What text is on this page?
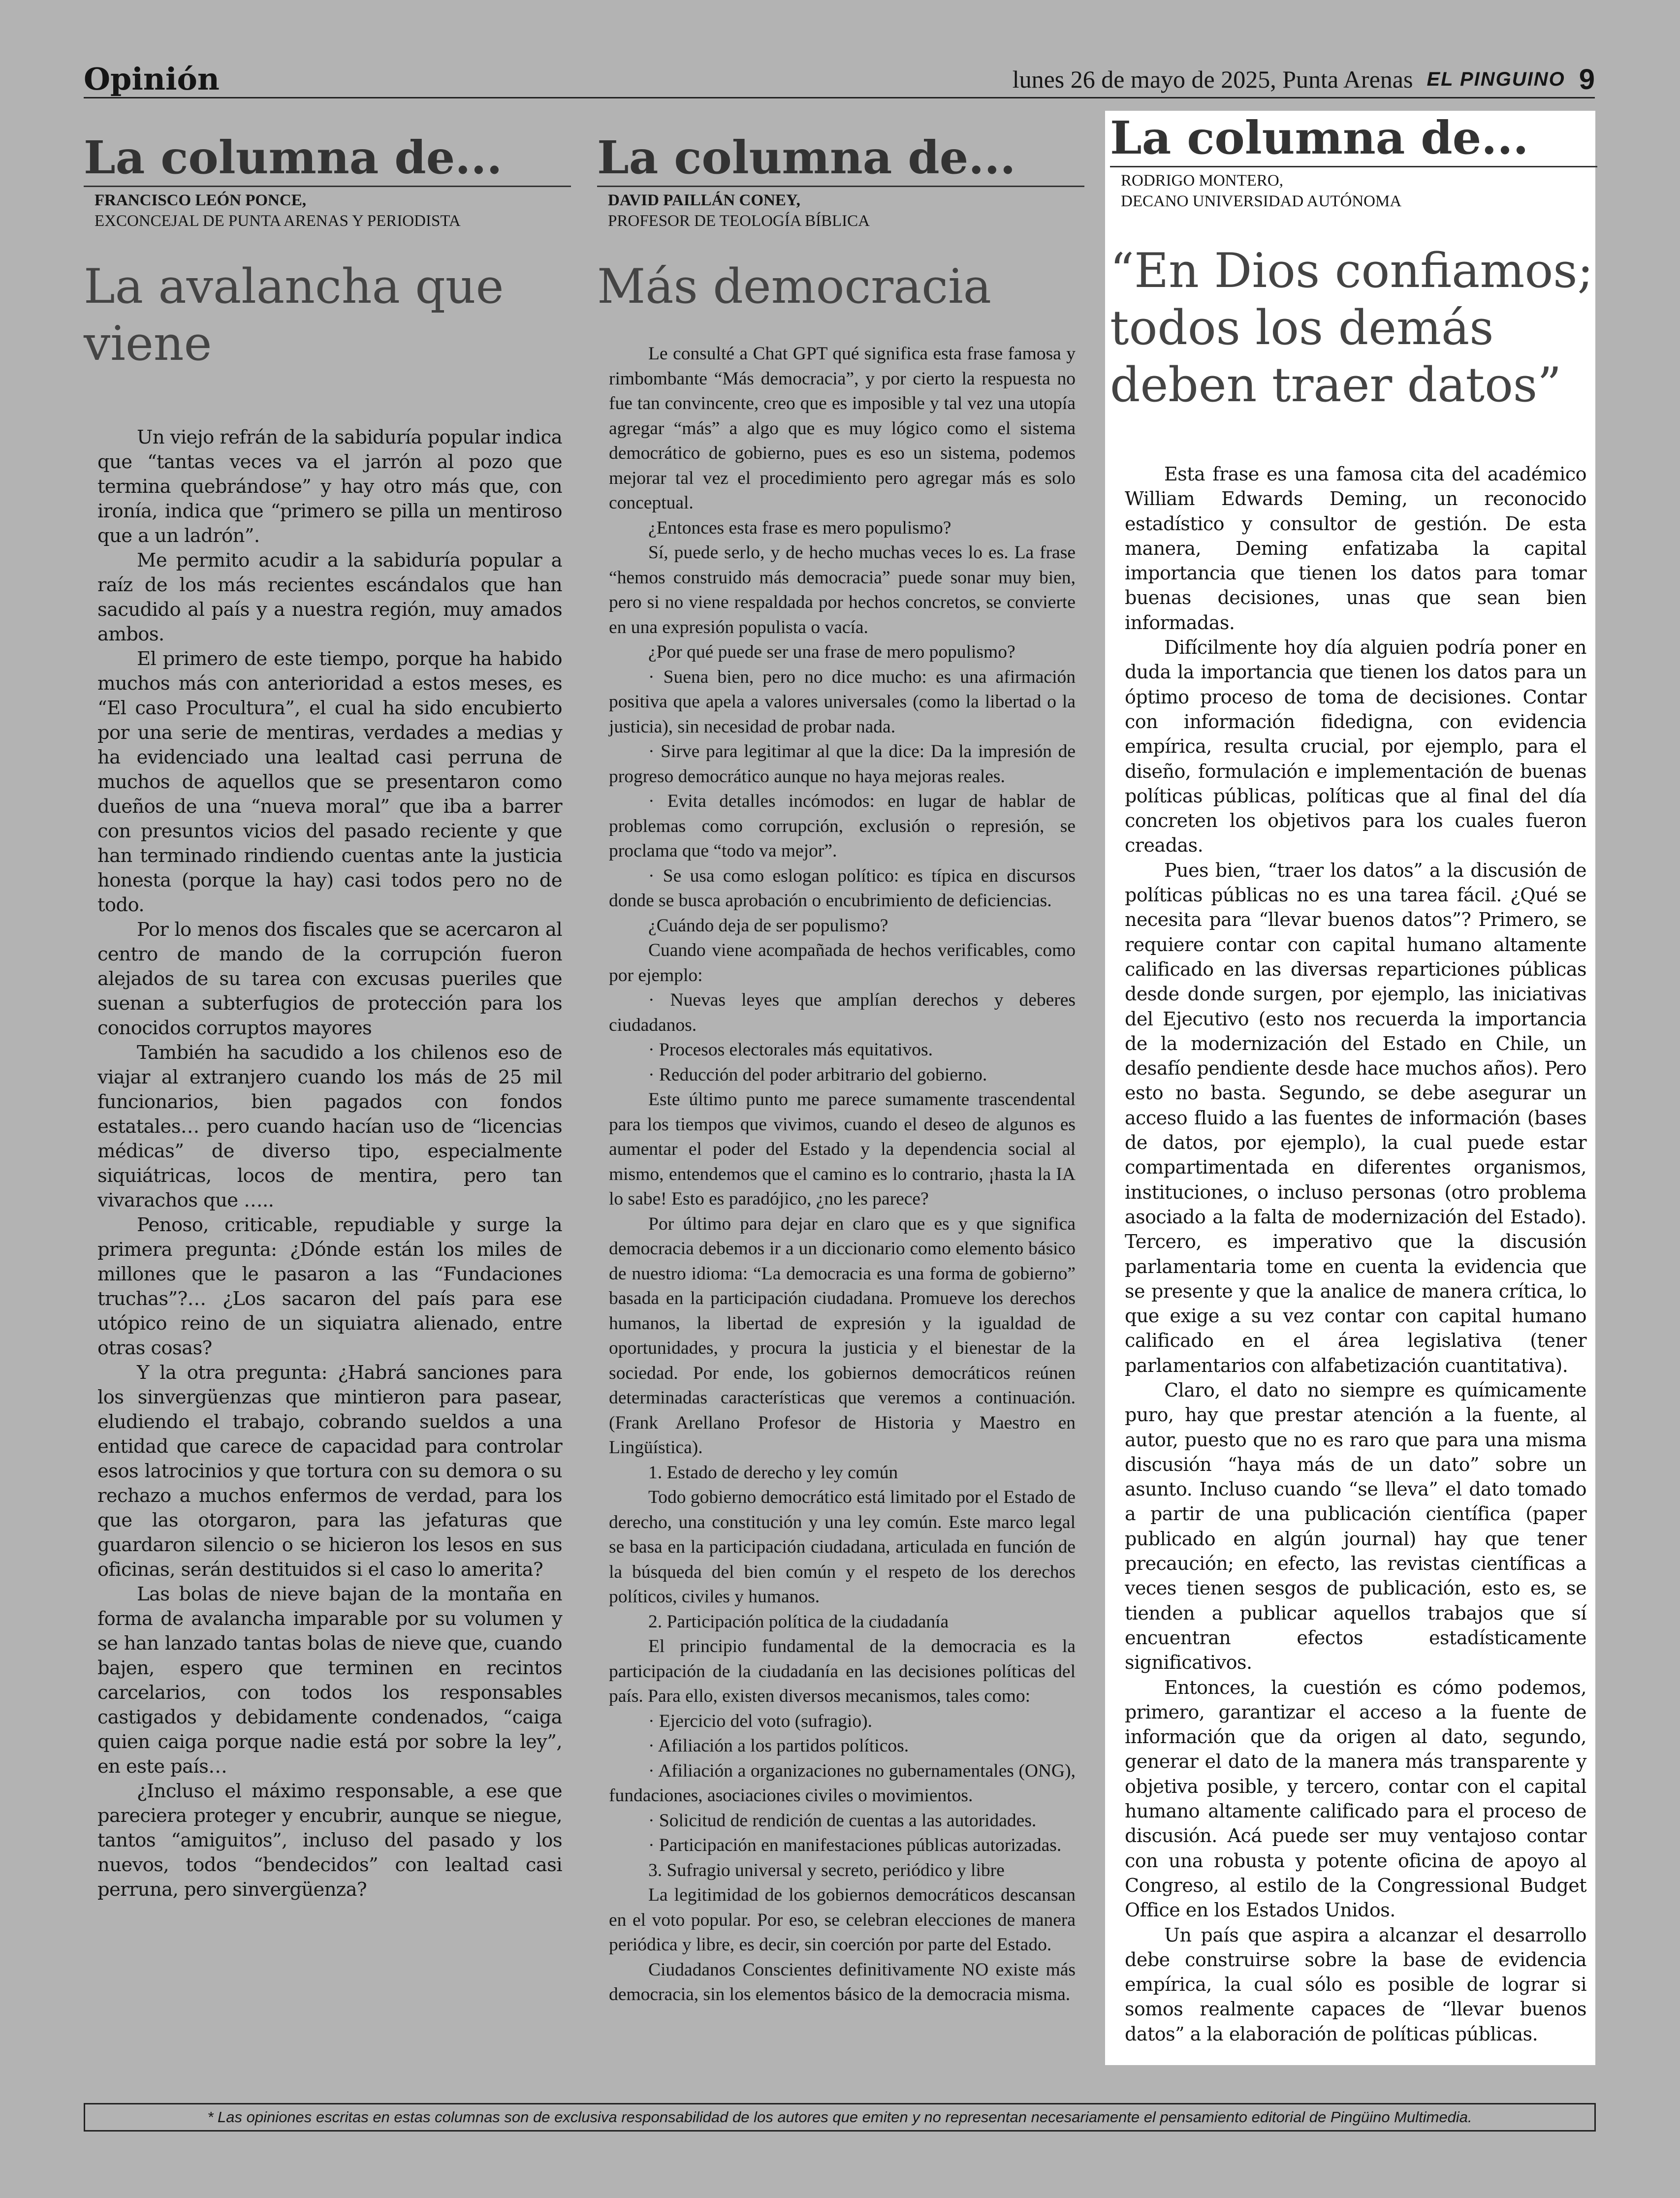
Opinión	lunes 26 de mayo de 2025, Punta Arenas EL PINGUINO 9
La columna de...
FRANCISCO LEÓN PONCE,
EXCONCEJAL DE PUNTA ARENAS Y PERIODISTA
La avalancha que viene

Un viejo refrán de la sabiduría popular indica que “tantas veces va el jarrón al pozo que termina quebrándose” y hay otro más que, con ironía, indica que “primero se pilla un mentiroso que a un ladrón”.

Me permito acudir a la sabiduría popular a raíz de los más recientes escándalos que han sacudido al país y a nuestra región, muy amados ambos.

El primero de este tiempo, porque ha habido muchos más con anterioridad a estos meses, es “El caso Procultura”, el cual ha sido encubierto por una serie de mentiras, verdades a medias y ha evidenciado una lealtad casi perruna de muchos de aquellos que se presentaron como dueños de una “nueva moral” que iba a barrer con presuntos vicios del pasado reciente y que han terminado rindiendo cuentas ante la justicia honesta (porque la hay) casi todos pero no de todo.

Por lo menos dos fiscales que se acercaron al centro de mando de la corrupción fueron alejados de su tarea con excusas pueriles que suenan a subterfugios de protección para los conocidos corruptos mayores

También ha sacudido a los chilenos eso de viajar al extranjero cuando los más de 25 mil funcionarios, bien pagados con fondos estatales… pero cuando hacían uso de “licencias médicas” de diverso tipo, especialmente siquiátricas, locos de mentira, pero tan vivarachos que …..

Penoso, criticable, repudiable y surge la primera pregunta: ¿Dónde están los miles de millones que le pasaron a las “Fundaciones truchas”?… ¿Los sacaron del país para ese utópico reino de un siquiatra alienado, entre otras cosas?

Y la otra pregunta: ¿Habrá sanciones para los sinvergüenzas que mintieron para pasear, eludiendo el trabajo, cobrando sueldos a una entidad que carece de capacidad para controlar esos latrocinios y que tortura con su demora o su rechazo a muchos enfermos de verdad, para los que las otorgaron, para las jefaturas que guardaron silencio o se hicieron los lesos en sus oficinas, serán destituidos si el caso lo amerita?

Las bolas de nieve bajan de la montaña en forma de avalancha imparable por su volumen y se han lanzado tantas bolas de nieve que, cuando bajen, espero que terminen en recintos carcelarios, con todos los responsables castigados y debidamente condenados, “caiga quien caiga porque nadie está por sobre la ley”, en este país…

¿Incluso el máximo responsable, a ese que pareciera proteger y encubrir, aunque se niegue, tantos “amiguitos”, incluso del pasado y los nuevos, todos “bendecidos” con lealtad casi perruna, pero sinvergüenza?

La columna de...
DAVID PAILLÁN CONEY,
PROFESOR DE TEOLOGÍA BÍBLICA
Más democracia

Le consulté a Chat GPT qué significa esta frase famosa y rimbombante “Más democracia”, y por cierto la respuesta no fue tan convincente, creo que es imposible y tal vez una utopía agregar “más” a algo que es muy lógico como el sistema democrático de gobierno, pues es eso un sistema, podemos mejorar tal vez el procedimiento pero agregar más es solo conceptual.

¿Entonces esta frase es mero populismo?

Sí, puede serlo, y de hecho muchas veces lo es. La frase “hemos construido más democracia” puede sonar muy bien, pero si no viene respaldada por hechos concretos, se convierte en una expresión populista o vacía.

¿Por qué puede ser una frase de mero populismo?

· Suena bien, pero no dice mucho: es una afirmación positiva que apela a valores universales (como la libertad o la justicia), sin necesidad de probar nada.

· Sirve para legitimar al que la dice: Da la impresión de progreso democrático aunque no haya mejoras reales.

· Evita detalles incómodos: en lugar de hablar de problemas como corrupción, exclusión o represión, se proclama que “todo va mejor”.

· Se usa como eslogan político: es típica en discursos donde se busca aprobación o encubrimiento de deficiencias.

¿Cuándo deja de ser populismo?

Cuando viene acompañada de hechos verificables, como por ejemplo:

· Nuevas leyes que amplían derechos y deberes ciudadanos.

· Procesos electorales más equitativos.

· Reducción del poder arbitrario del gobierno.

Este último punto me parece sumamente trascendental para los tiempos que vivimos, cuando el deseo de algunos es aumentar el poder del Estado y la dependencia social al mismo, entendemos que el camino es lo contrario, ¡hasta la IA lo sabe! Esto es paradójico, ¿no les parece?

Por último para dejar en claro que es y que significa democracia debemos ir a un diccionario como elemento básico de nuestro idioma: “La democracia es una forma de gobierno” basada en la participación ciudadana. Promueve los derechos humanos, la libertad de expresión y la igualdad de oportunidades, y procura la justicia y el bienestar de la sociedad. Por ende, los gobiernos democráticos reúnen determinadas características que veremos a continuación. (Frank Arellano Profesor de Historia y Maestro en Lingüística).

1. Estado de derecho y ley común

Todo gobierno democrático está limitado por el Estado de derecho, una constitución y una ley común. Este marco legal se basa en la participación ciudadana, articulada en función de la búsqueda del bien común y el respeto de los derechos políticos, civiles y humanos.

2. Participación política de la ciudadanía

El principio fundamental de la democracia es la participación de la ciudadanía en las decisiones políticas del país. Para ello, existen diversos mecanismos, tales como:

· Ejercicio del voto (sufragio).

· Afiliación a los partidos políticos.

· Afiliación a organizaciones no gubernamentales (ONG), fundaciones, asociaciones civiles o movimientos.

· Solicitud de rendición de cuentas a las autoridades.

· Participación en manifestaciones públicas autorizadas.

3. Sufragio universal y secreto, periódico y libre

La legitimidad de los gobiernos democráticos descansan en el voto popular. Por eso, se celebran elecciones de manera periódica y libre, es decir, sin coerción por parte del Estado.

Ciudadanos Conscientes definitivamente NO existe más democracia, sin los elementos básico de la democracia misma.

La columna de...
RODRIGO MONTERO,
DECANO UNIVERSIDAD AUTÓNOMA
“En Dios confiamos; todos los demás deben traer datos”

Esta frase es una famosa cita del académico William Edwards Deming, un reconocido estadístico y consultor de gestión. De esta manera, Deming enfatizaba la capital importancia que tienen los datos para tomar buenas decisiones, unas que sean bien informadas.

Difícilmente hoy día alguien podría poner en duda la importancia que tienen los datos para un óptimo proceso de toma de decisiones. Contar con información fidedigna, con evidencia empírica, resulta crucial, por ejemplo, para el diseño, formulación e implementación de buenas políticas públicas, políticas que al final del día concreten los objetivos para los cuales fueron creadas.

Pues bien, “traer los datos” a la discusión de políticas públicas no es una tarea fácil. ¿Qué se necesita para “llevar buenos datos”? Primero, se requiere contar con capital humano altamente calificado en las diversas reparticiones públicas desde donde surgen, por ejemplo, las iniciativas del Ejecutivo (esto nos recuerda la importancia de la modernización del Estado en Chile, un desafío pendiente desde hace muchos años). Pero esto no basta. Segundo, se debe asegurar un acceso fluido a las fuentes de información (bases de datos, por ejemplo), la cual puede estar compartimentada en diferentes organismos, instituciones, o incluso personas (otro problema asociado a la falta de modernización del Estado). Tercero, es imperativo que la discusión parlamentaria tome en cuenta la evidencia que se presente y que la analice de manera crítica, lo que exige a su vez contar con capital humano calificado en el área legislativa (tener parlamentarios con alfabetización cuantitativa).

Claro, el dato no siempre es químicamente puro, hay que prestar atención a la fuente, al autor, puesto que no es raro que para una misma discusión “haya más de un dato” sobre un asunto. Incluso cuando “se lleva” el dato tomado a partir de una publicación científica (paper publicado en algún journal) hay que tener precaución; en efecto, las revistas científicas a veces tienen sesgos de publicación, esto es, se tienden a publicar aquellos trabajos que sí encuentran efectos estadísticamente significativos.

Entonces, la cuestión es cómo podemos, primero, garantizar el acceso a la fuente de información que da origen al dato, segundo, generar el dato de la manera más transparente y objetiva posible, y tercero, contar con el capital humano altamente calificado para el proceso de discusión. Acá puede ser muy ventajoso contar con una robusta y potente oficina de apoyo al Congreso, al estilo de la Congressional Budget Office en los Estados Unidos.

Un país que aspira a alcanzar el desarrollo debe construirse sobre la base de evidencia empírica, la cual sólo es posible de lograr si somos realmente capaces de “llevar buenos datos” a la elaboración de políticas públicas.

* Las opiniones escritas en estas columnas son de exclusiva responsabilidad de los autores que emiten y no representan necesariamente el pensamiento editorial de Pingüino Multimedia.
